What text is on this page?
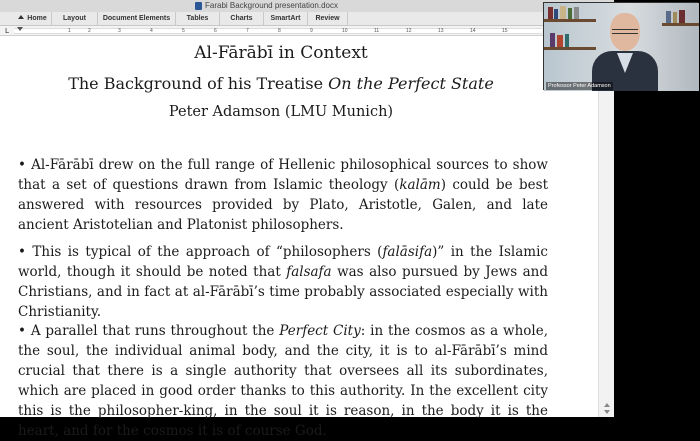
Farabi Background presentation.docx
Home	Layout	Document Elements	Tables	Charts	SmartArt	Review
L	1	2	3	4	5	6	7	8	9	10	11	12	13	14	15
Al-Fārābī in Context
The Background of his Treatise On the Perfect State
Peter Adamson (LMU Munich)

• Al-Fārābī drew on the full range of Hellenic philosophical sources to show that a set of questions drawn from Islamic theology (kalām) could be best answered with resources provided by Plato, Aristotle, Galen, and late ancient Aristotelian and Platonist philosophers.

• This is typical of the approach of “philosophers (falāsifa)” in the Islamic world, though it should be noted that falsafa was also pursued by Jews and Christians, and in fact at al-Fārābī’s time probably associated especially with Christianity.

• A parallel that runs throughout the Perfect City: in the cosmos as a whole, the soul, the individual animal body, and the city, it is to al-Fārābī’s mind crucial that there is a single authority that oversees all its subordinates, which are placed in good order thanks to this authority. In the excellent city this is the philosopher-king, in the soul it is reason, in the body it is the heart, and for the cosmos it is of course God.

Professor Peter Adamson
